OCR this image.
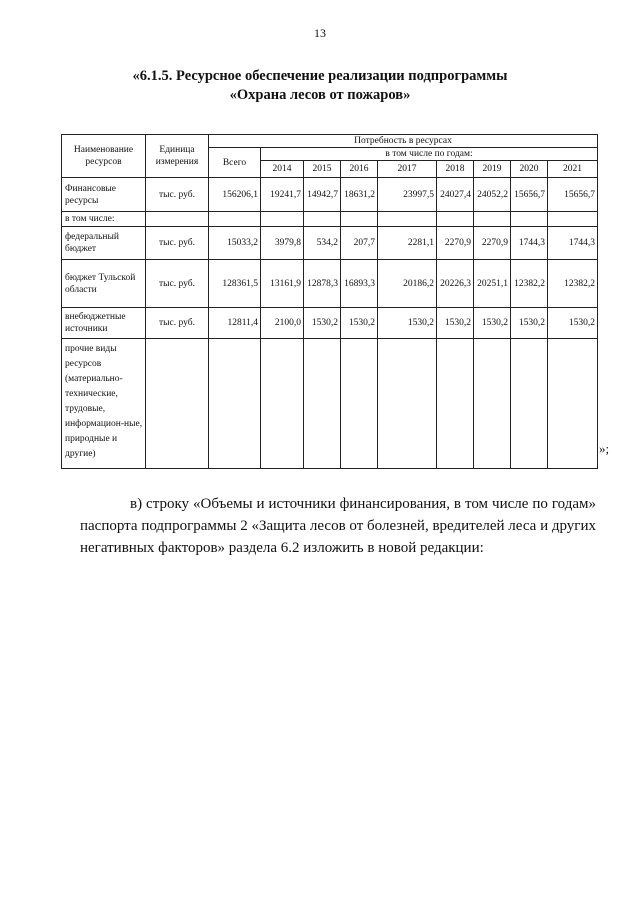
13
«6.1.5. Ресурсное обеспечение реализации подпрограммы
«Охрана лесов от пожаров»
Наименование ресурсов	Единица измерения	Потребность в ресурсах								
		Всего	в том числе по годам:							
			2014	2015	2016	2017	2018	2019	2020	2021
Финансовые ресурсы	тыс. руб.	156206,1	19241,7	14942,7	18631,2	23997,5	24027,4	24052,2	15656,7	15656,7
в том числе:										
федеральный бюджет	тыс. руб.	15033,2	3979,8	534,2	207,7	2281,1	2270,9	2270,9	1744,3	1744,3
бюджет Тульской области	тыс. руб.	128361,5	13161,9	12878,3	16893,3	20186,2	20226,3	20251,1	12382,2	12382,2
внебюджетные источники	тыс. руб.	12811,4	2100,0	1530,2	1530,2	1530,2	1530,2	1530,2	1530,2	1530,2
прочие виды ресурсов (материально-технические, трудовые, информацион-ные, природные и другие)											»;
в) строку «Объемы и источники финансирования, в том числе по годам» паспорта подпрограммы 2 «Защита лесов от болезней, вредителей леса и других негативных факторов» раздела 6.2 изложить в новой редакции:
